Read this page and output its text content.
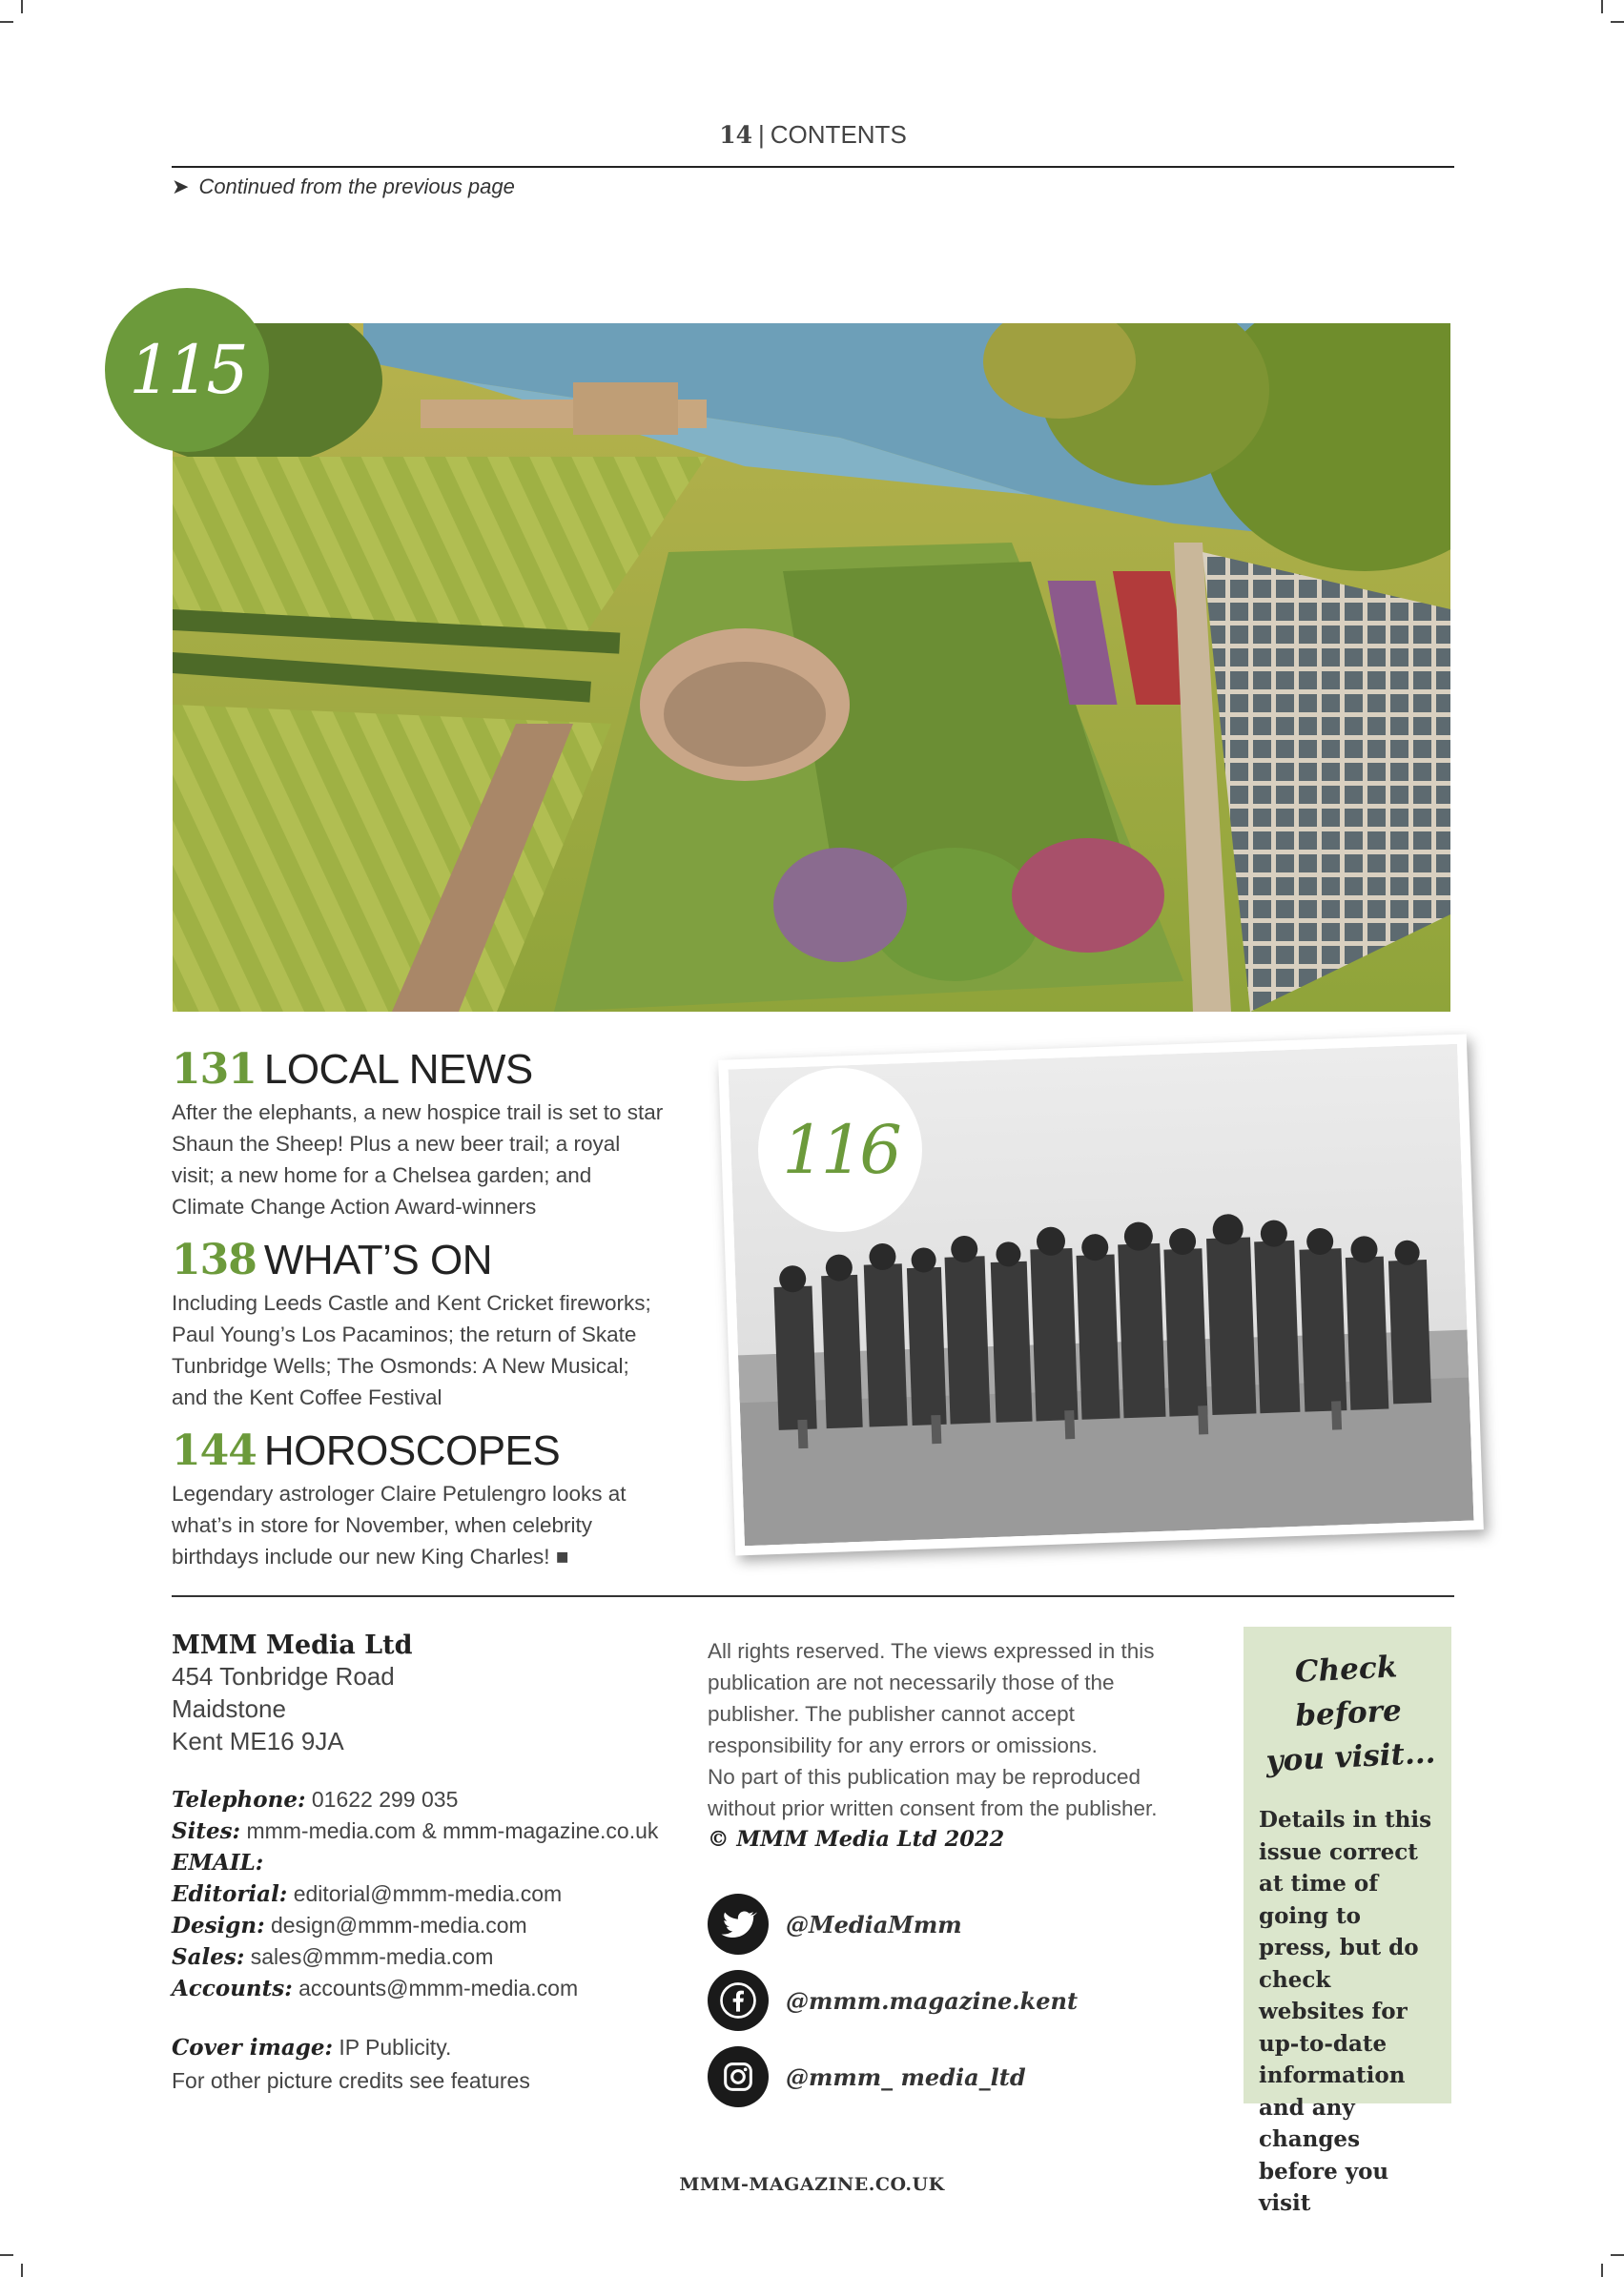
14 | CONTENTS
➤ Continued from the previous page
115
131 LOCAL NEWS

After the elephants, a new hospice trail is set to star Shaun the Sheep! Plus a new beer trail; a royal visit; a new home for a Chelsea garden; and Climate Change Action Award-winners

138 WHAT’S ON

Including Leeds Castle and Kent Cricket fireworks; Paul Young’s Los Pacaminos; the return of Skate Tunbridge Wells; The Osmonds: A New Musical; and the Kent Coffee Festival

144 HOROSCOPES

Legendary astrologer Claire Petulengro looks at what’s in store for November, when celebrity birthdays include our new King Charles! ■

116
MMM Media Ltd
454 Tonbridge Road
Maidstone
Kent ME16 9JA
Telephone: 01622 299 035
Sites: mmm-media.com & mmm-magazine.co.uk
EMAIL:
Editorial: editorial@mmm-media.com
Design: design@mmm-media.com
Sales: sales@mmm-media.com
Accounts: accounts@mmm-media.com
Cover image: IP Publicity.
For other picture credits see features
All rights reserved. The views expressed in this publication are not necessarily those of the publisher. The publisher cannot accept responsibility for any errors or omissions.
No part of this publication may be reproduced without prior written consent from the publisher.
© MMM Media Ltd 2022
@MediaMmm
@mmm.magazine.kent
@mmm_ media_ltd
Check before
you visit...

Details in this issue correct at time of going to press, but do check websites for up-to-date information and any changes before you visit

MMM-MAGAZINE.CO.UK
